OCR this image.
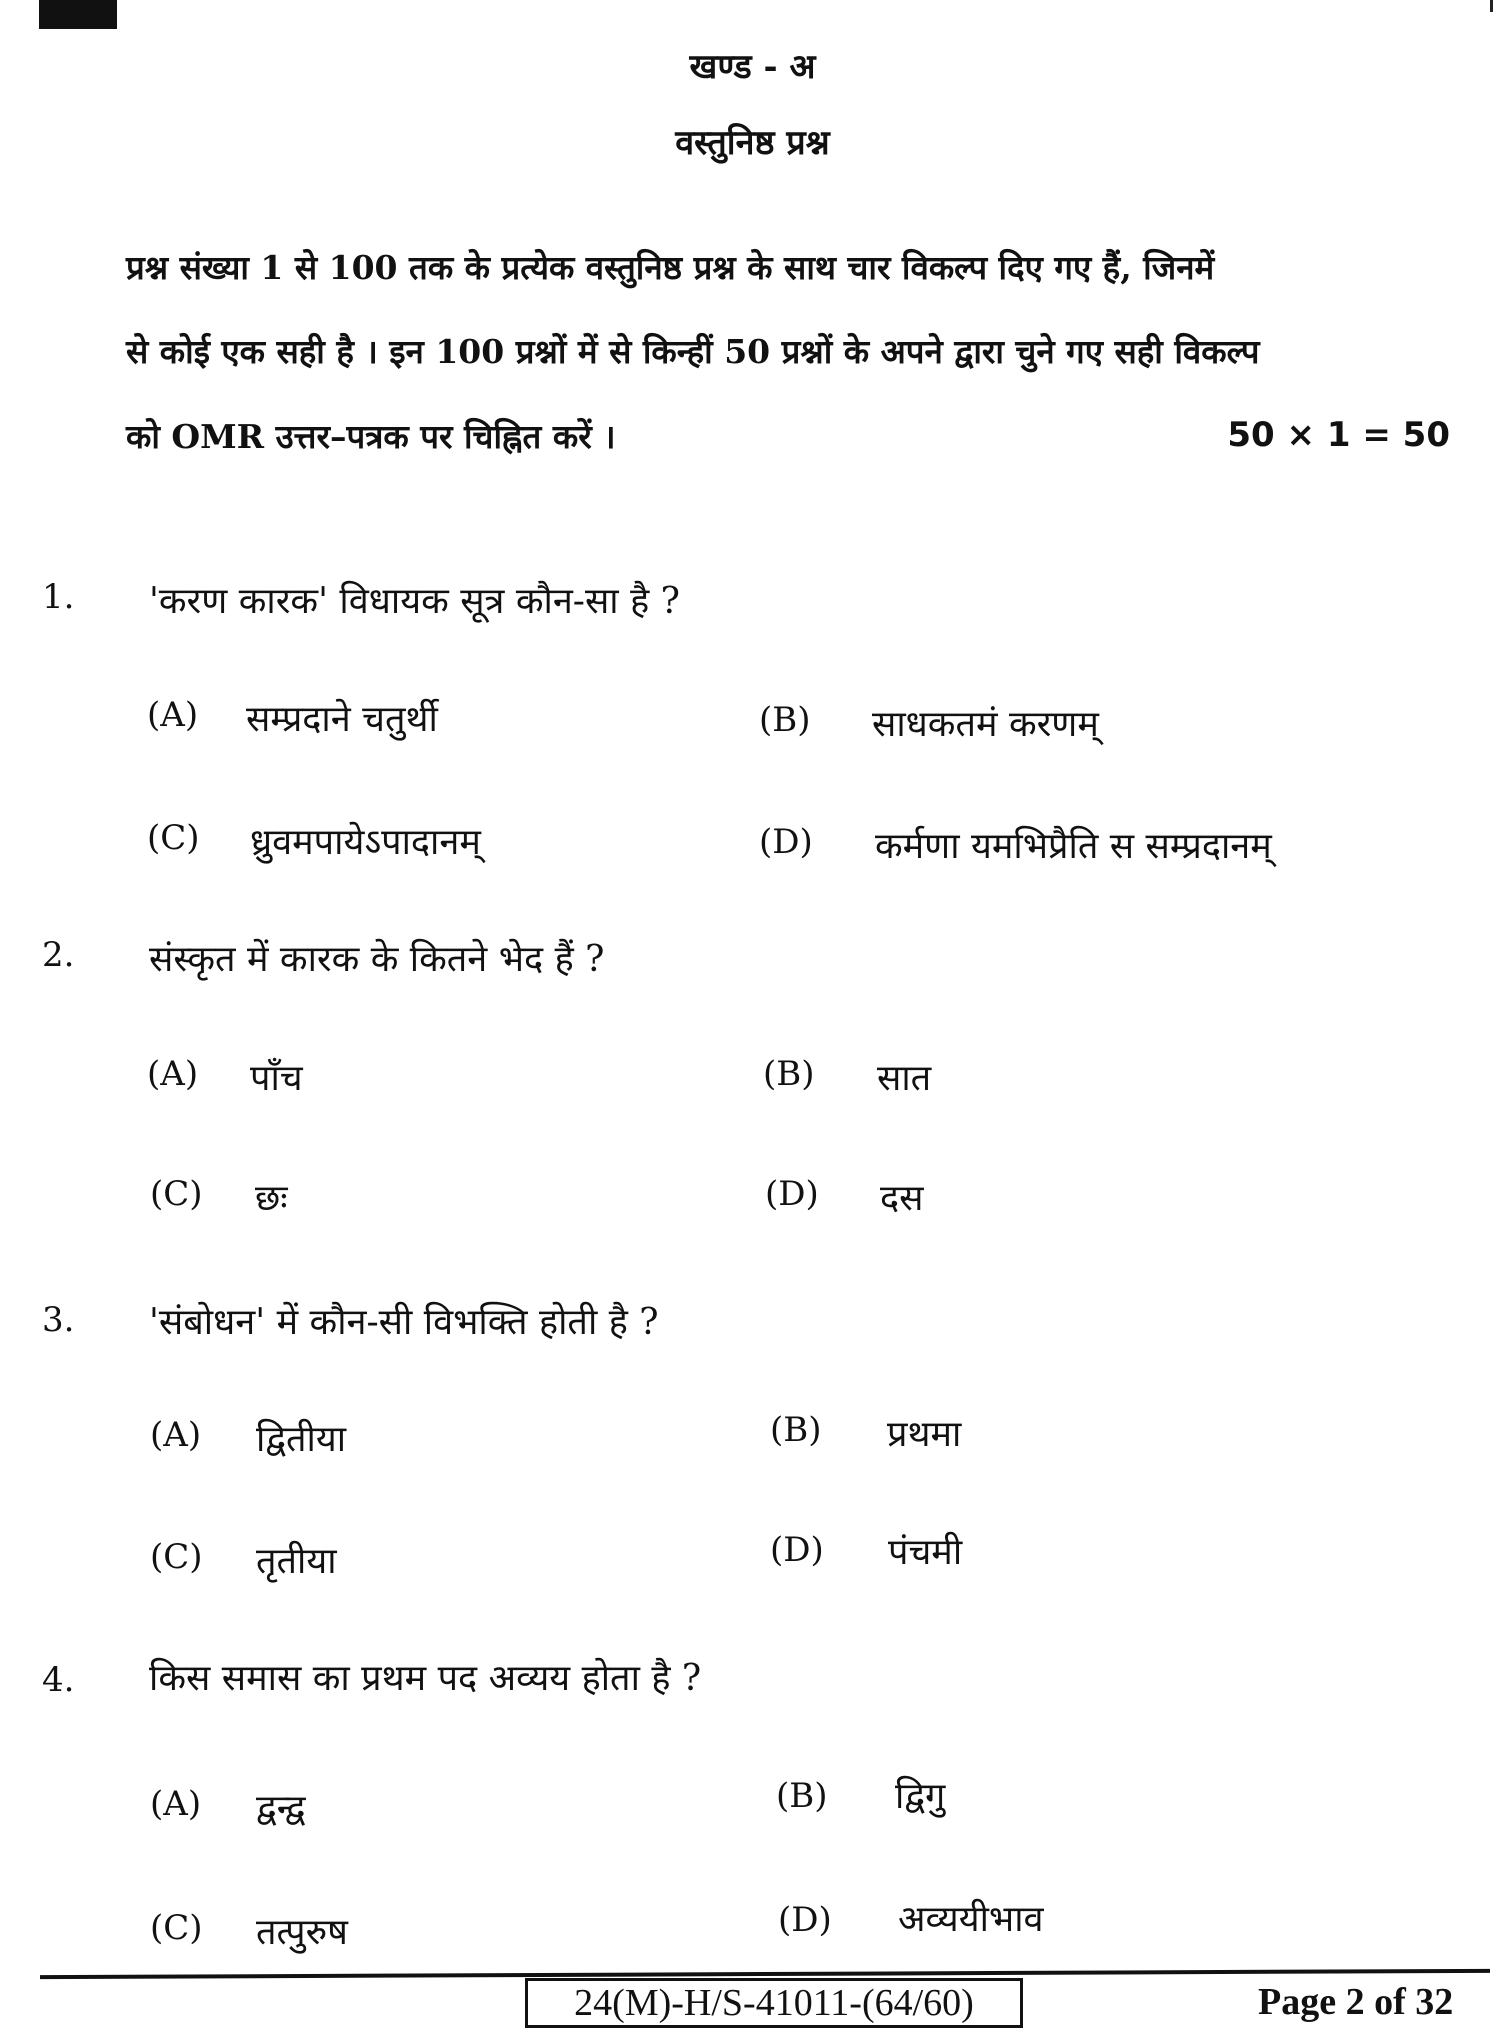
खण्ड - अ
वस्तुनिष्ठ प्रश्न
प्रश्न संख्या 1 से 100 तक के प्रत्येक वस्तुनिष्ठ प्रश्न के साथ चार विकल्प दिए गए हैं, जिनमें
से कोई एक सही है । इन 100 प्रश्नों में से किन्हीं 50 प्रश्नों के अपने द्वारा चुने गए सही विकल्प
को OMR उत्तर–पत्रक पर चिह्नित करें ।	50 × 1 = 50
1. 'करण कारक' विधायक सूत्र कौन-सा है ?
(A) सम्प्रदाने चतुर्थी	(B) साधकतमं करणम्
(C) ध्रुवमपायेऽपादानम्	(D) कर्मणा यमभिप्रैति स सम्प्रदानम्
2. संस्कृत में कारक के कितने भेद हैं ?
(A) पाँच	(B) सात
(C) छः	(D) दस
3. 'संबोधन' में कौन-सी विभक्ति होती है ?
(A) द्वितीया	(B) प्रथमा
(C) तृतीया	(D) पंचमी
4. किस समास का प्रथम पद अव्यय होता है ?
(A) द्वन्द्व	(B) द्विगु
(C) तत्पुरुष	(D) अव्ययीभाव
24(M)-H/S-41011-(64/60)	Page 2 of 32
